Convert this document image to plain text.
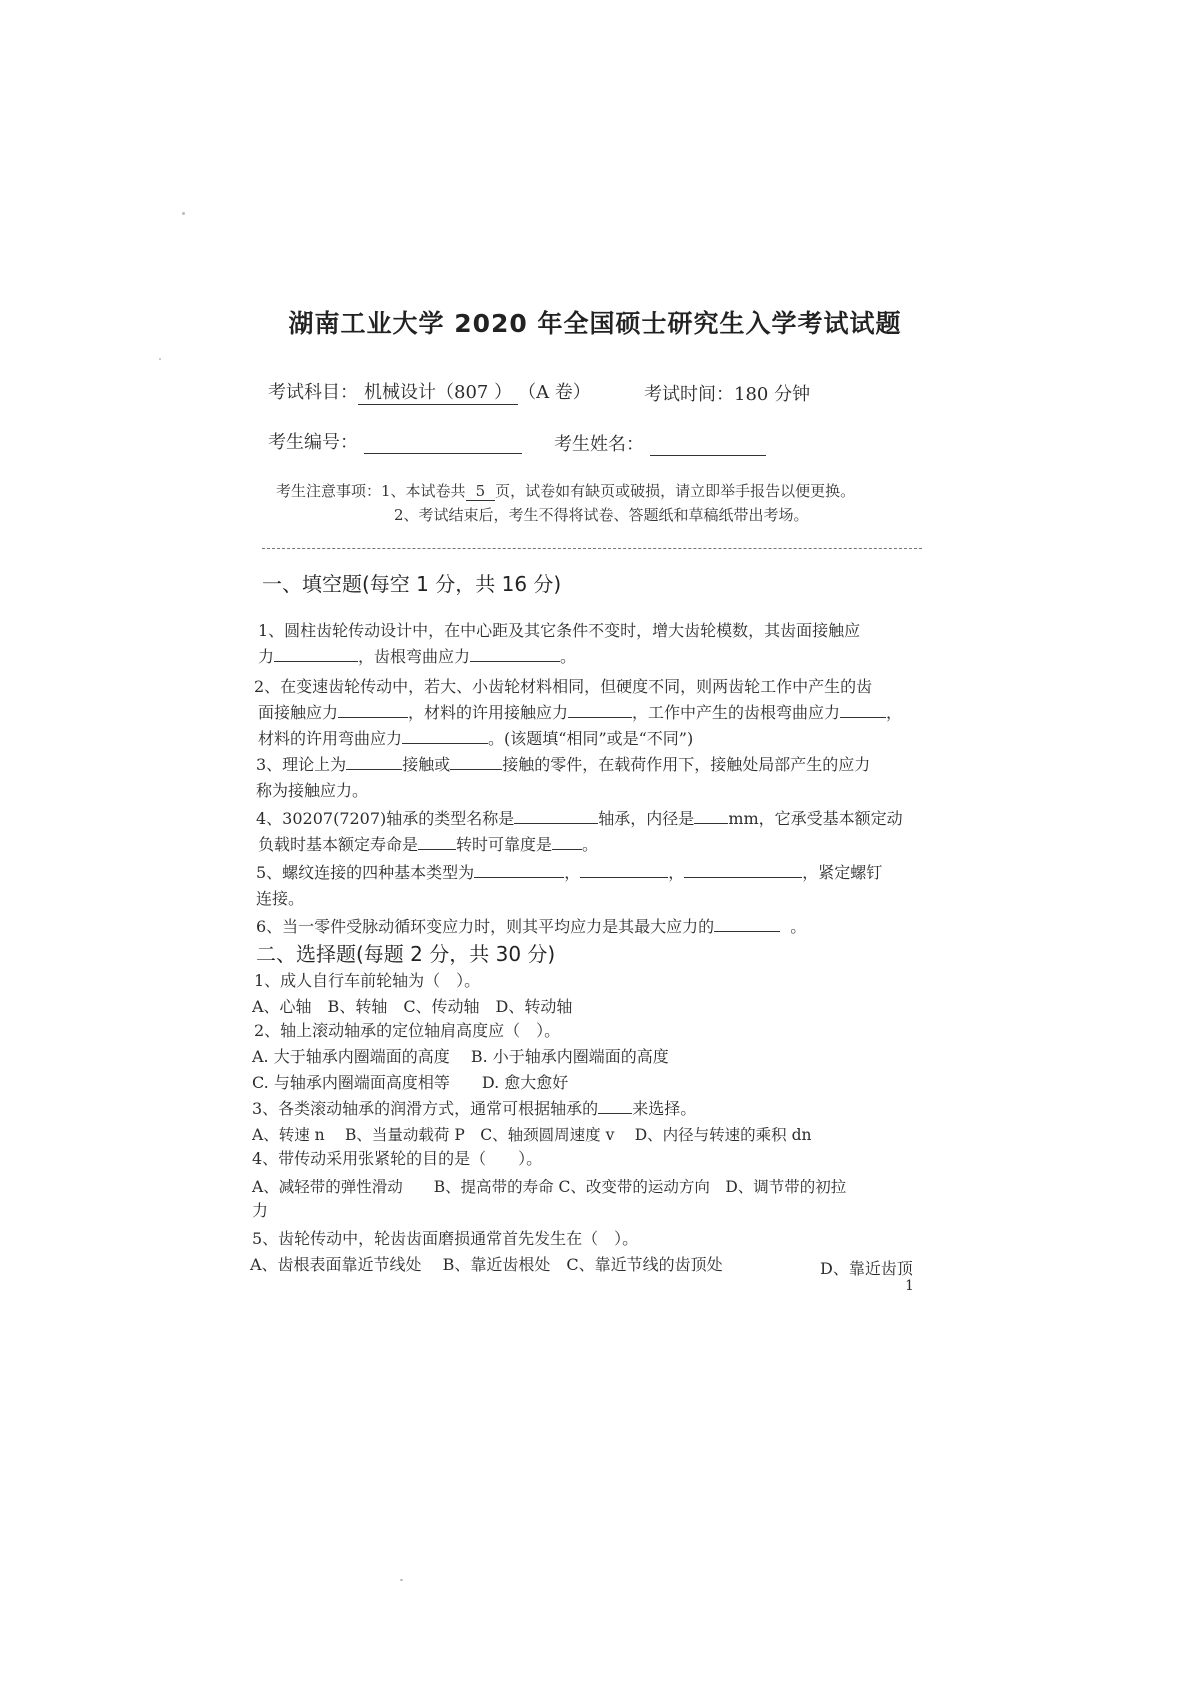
湖南工业大学 2020 年全国硕士研究生入学考试试题
考试科目： 机械设计（807 ） （A 卷）	考试时间：180 分钟
考生编号：	考生姓名：
考生注意事项：1、本试卷共 5 页，试卷如有缺页或破损，请立即举手报告以便更换。
2、考试结束后，考生不得将试卷、答题纸和草稿纸带出考场。
一、填空题(每空 1 分，共 16 分)
1、圆柱齿轮传动设计中，在中心距及其它条件不变时，增大齿轮模数，其齿面接触应
力	，齿根弯曲应力	。
2、在变速齿轮传动中，若大、小齿轮材料相同，但硬度不同，则两齿轮工作中产生的齿
面接触应力	，材料的许用接触应力	，工作中产生的齿根弯曲应力	，
材料的许用弯曲应力	。(该题填“相同”或是“不同”)
3、理论上为	接触或	接触的零件，在载荷作用下，接触处局部产生的应力
称为接触应力。
4、30207(7207)轴承的类型名称是	轴承，内径是 mm，它承受基本额定动
负载时基本额定寿命是 转时可靠度是 。
5、螺纹连接的四种基本类型为	，	，	，紧定螺钉
连接。
6、当一零件受脉动循环变应力时，则其平均应力是其最大应力的	。
二、选择题(每题 2 分，共 30 分)
1、成人自行车前轮轴为（　）。
A、心轴　B、转轴　C、传动轴　D、转动轴
2、轴上滚动轴承的定位轴肩高度应（　）。
A. 大于轴承内圈端面的高度　 B. 小于轴承内圈端面的高度
C. 与轴承内圈端面高度相等　　D. 愈大愈好
3、各类滚动轴承的润滑方式，通常可根据轴承的 来选择。
A、转速 n　 B、当量动载荷 P　C、轴颈圆周速度 v　 D、内径与转速的乘积 dn
4、带传动采用张紧轮的目的是（　　）。
A、减轻带的弹性滑动　　B、提高带的寿命 C、改变带的运动方向　D、调节带的初拉
力
5、齿轮传动中，轮齿齿面磨损通常首先发生在（　）。
A、齿根表面靠近节线处　 B、靠近齿根处　C、靠近节线的齿顶处	D、靠近齿顶
1
